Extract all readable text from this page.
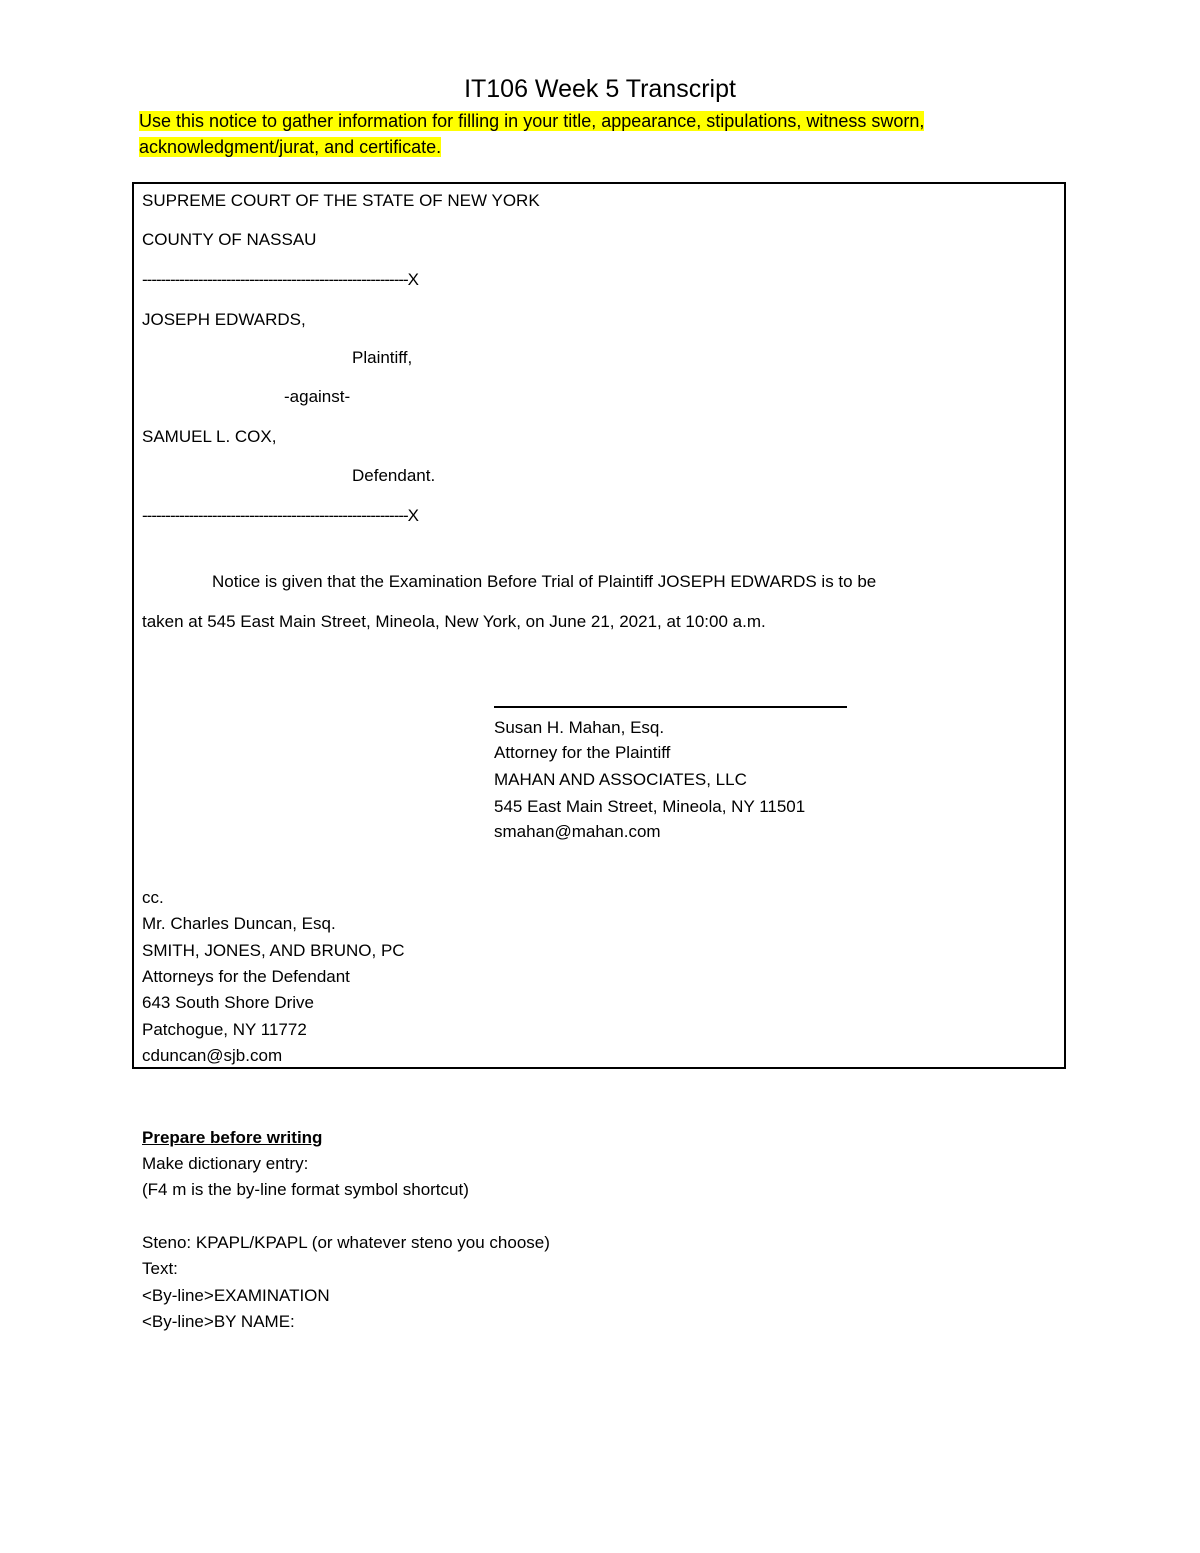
IT106 Week 5 Transcript
Use this notice to gather information for filling in your title, appearance, stipulations, witness sworn, acknowledgment/jurat, and certificate.
SUPREME COURT OF THE STATE OF NEW YORK
COUNTY OF NASSAU
---------------------------------------------------------X
JOSEPH EDWARDS,
Plaintiff,
-against-
SAMUEL L. COX,
Defendant.
---------------------------------------------------------X
Notice is given that the Examination Before Trial of Plaintiff JOSEPH EDWARDS is to be
taken at 545 East Main Street, Mineola, New York, on June 21, 2021, at 10:00 a.m.
Susan H. Mahan, Esq.
Attorney for the Plaintiff
MAHAN AND ASSOCIATES, LLC
545 East Main Street, Mineola, NY 11501
smahan@mahan.com
cc.
Mr. Charles Duncan, Esq.
SMITH, JONES, AND BRUNO, PC
Attorneys for the Defendant
643 South Shore Drive
Patchogue, NY 11772
cduncan@sjb.com
Prepare before writing
Make dictionary entry:
(F4 m is the by-line format symbol shortcut)
Steno: KPAPL/KPAPL (or whatever steno you choose)
Text:
<By-line>EXAMINATION
<By-line>BY NAME:
